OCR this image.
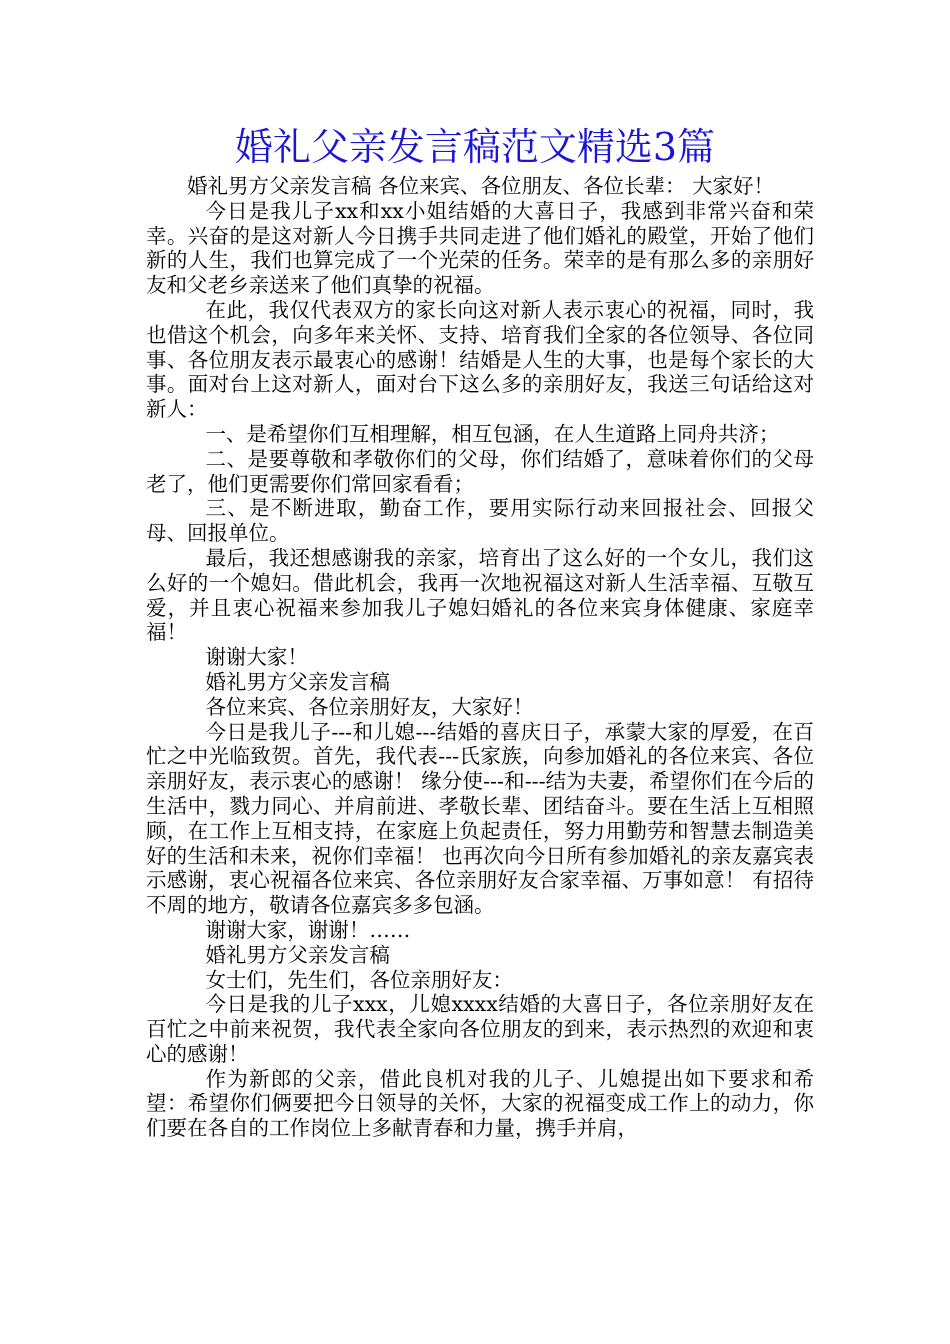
婚礼父亲发言稿范文精选3篇

婚礼男方父亲发言稿 各位来宾、各位朋友、各位长辈： 大家好！

今日是我儿子xx和xx小姐结婚的大喜日子，我感到非常兴奋和荣幸。兴奋的是这对新人今日携手共同走进了他们婚礼的殿堂，开始了他们新的人生，我们也算完成了一个光荣的任务。荣幸的是有那么多的亲朋好友和父老乡亲送来了他们真挚的祝福。

在此，我仅代表双方的家长向这对新人表示衷心的祝福，同时，我也借这个机会，向多年来关怀、支持、培育我们全家的各位领导、各位同事、各位朋友表示最衷心的感谢！结婚是人生的大事，也是每个家长的大事。面对台上这对新人，面对台下这么多的亲朋好友，我送三句话给这对新人：

一、是希望你们互相理解，相互包涵，在人生道路上同舟共济；

二、是要尊敬和孝敬你们的父母，你们结婚了，意味着你们的父母老了，他们更需要你们常回家看看；

三、是不断进取，勤奋工作，要用实际行动来回报社会、回报父母、回报单位。

最后，我还想感谢我的亲家，培育出了这么好的一个女儿，我们这么好的一个媳妇。借此机会，我再一次地祝福这对新人生活幸福、互敬互爱，并且衷心祝福来参加我儿子媳妇婚礼的各位来宾身体健康、家庭幸福！

谢谢大家！

婚礼男方父亲发言稿

各位来宾、各位亲朋好友，大家好！

今日是我儿子---和儿媳---结婚的喜庆日子，承蒙大家的厚爱，在百忙之中光临致贺。首先，我代表---氏家族，向参加婚礼的各位来宾、各位亲朋好友，表示衷心的感谢！ 缘分使---和---结为夫妻，希望你们在今后的生活中，戮力同心、并肩前进、孝敬长辈、团结奋斗。要在生活上互相照顾，在工作上互相支持，在家庭上负起责任，努力用勤劳和智慧去制造美好的生活和未来，祝你们幸福！ 也再次向今日所有参加婚礼的亲友嘉宾表示感谢，衷心祝福各位来宾、各位亲朋好友合家幸福、万事如意！ 有招待不周的地方，敬请各位嘉宾多多包涵。

谢谢大家，谢谢！……

婚礼男方父亲发言稿

女士们，先生们，各位亲朋好友：

今日是我的儿子xxx，儿媳xxxx结婚的大喜日子，各位亲朋好友在百忙之中前来祝贺，我代表全家向各位朋友的到来，表示热烈的欢迎和衷心的感谢！

作为新郎的父亲，借此良机对我的儿子、儿媳提出如下要求和希望：希望你们俩要把今日领导的关怀，大家的祝福变成工作上的动力，你们要在各自的工作岗位上多献青春和力量，携手并肩，
